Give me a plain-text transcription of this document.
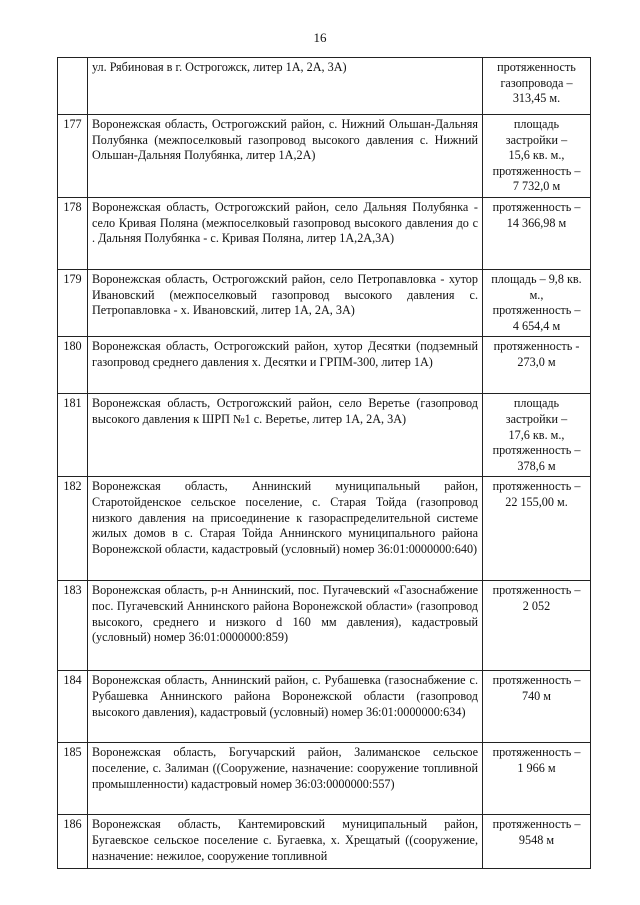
16
	ул. Рябиновая в г. Острогожск, литер 1А, 2А, 3А)	протяженность
газопровода –
313,45 м.

177	Воронежская область, Острогожский район, с. Нижний Ольшан-Дальняя Полубянка (межпоселковый газопровод высокого давления с. Нижний Ольшан-Дальняя Полубянка, литер 1А,2А)	площадь застройки –
15,6 кв. м.,
протяженность –
7 732,0 м

178	Воронежская область, Острогожский район, село Дальняя Полубянка - село Кривая Поляна (межпоселковый газопровод высокого давления до с . Дальняя Полубянка - с. Кривая Поляна, литер 1А,2А,3А)	протяженность –
14 366,98 м

179	Воронежская область, Острогожский район, село Петропавловка - хутор Ивановский (межпоселковый газопровод высокого давления с. Петропавловка - х. Ивановский, литер 1А, 2А, 3А)	площадь – 9,8 кв. м.,
протяженность –
4 654,4 м

180	Воронежская область, Острогожский район, хутор Десятки (подземный газопровод среднего давления х. Десятки и ГРПМ-300, литер 1А)	протяженность -
273,0 м

181	Воронежская область, Острогожский район, село Веретье (газопровод высокого давления к ШРП №1 с. Веретье, литер 1А, 2А, 3А)	площадь застройки –
17,6 кв. м.,
протяженность –
378,6 м

182	Воронежская область, Аннинский муниципальный район, Старотойденское сельское поселение, с. Старая Тойда (газопровод низкого давления на присоединение к газораспределительной системе жилых домов в с. Старая Тойда Аннинского муниципального района Воронежской области, кадастровый (условный) номер 36:01:0000000:640)	протяженность –
22 155,00 м.

183	Воронежская область, р-н Аннинский, пос. Пугачевский «Газоснабжение пос. Пугачевский Аннинского района Воронежской области» (газопровод высокого, среднего и низкого d 160 мм давления), кадастровый (условный) номер 36:01:0000000:859)	протяженность –
2 052

184	Воронежская область, Аннинский район, с. Рубашевка (газоснабжение с. Рубашевка Аннинского района Воронежской области (газопровод высокого давления), кадастровый (условный) номер 36:01:0000000:634)	протяженность –
740 м

185	Воронежская область, Богучарский район, Залиманское сельское поселение, с. Залиман ((Сооружение, назначение: сооружение топливной промышленности) кадастровый номер 36:03:0000000:557)	протяженность –
1 966 м

186	Воронежская область, Кантемировский муниципальный район, Бугаевское сельское поселение с. Бугаевка, х. Хрещатый ((сооружение, назначение: нежилое, сооружение топливной	протяженность –
9548 м
